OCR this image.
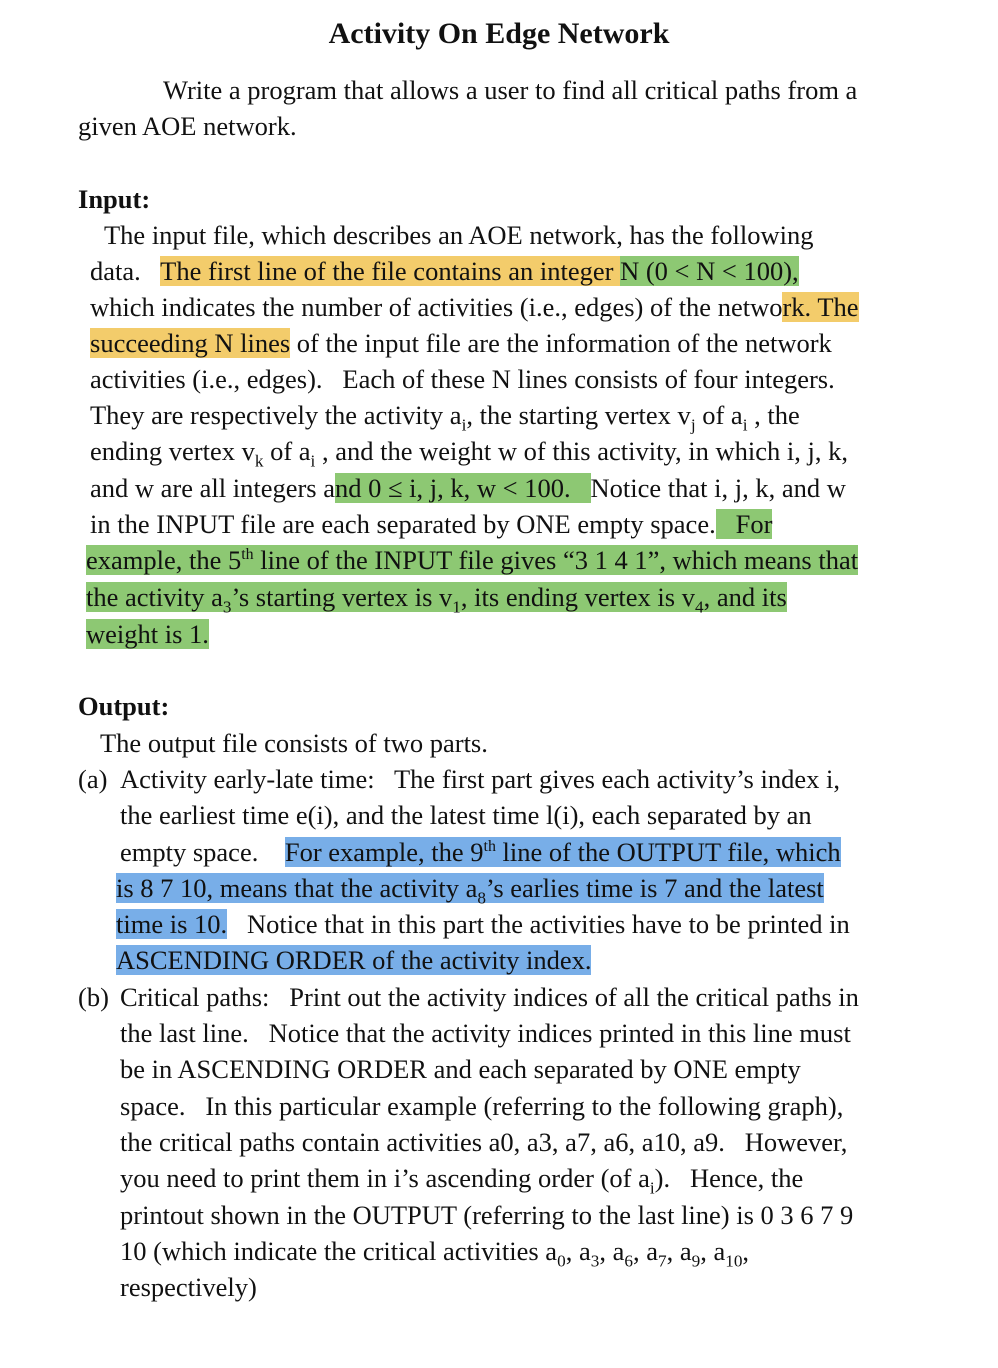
Activity On Edge Network
Write a program that allows a user to find all critical paths from a
given AOE network.
Input:
The input file, which describes an AOE network, has the following
data.   The first line of the file contains an integer N (0 < N < 100),
which indicates the number of activities (i.e., edges) of the network. The
succeeding N lines of the input file are the information of the network
activities (i.e., edges).   Each of these N lines consists of four integers.
They are respectively the activity $a_i$, the starting vertex $v_j$ of $a_i$ , the
ending vertex $v_k$ of $a_i$ , and the weight w of this activity, in which i, j, k,
and w are all integers and 0 ≤ i, j, k, w < 100.   Notice that i, j, k, and w
in the INPUT file are each separated by ONE empty space.   For
example, the 5th line of the INPUT file gives “3 1 4 1”, which means that
the activity $a_3’s$ starting vertex is $v_1$, its ending vertex is $v_4$, and its
weight is 1.
Output:
The output file consists of two parts.
(a) Activity early-late time:   The first part gives each activity’s index i,
the earliest time e(i), and the latest time l(i), each separated by an
empty space.    For example, the 9th line of the OUTPUT file, which
is 8 7 10, means that the activity $a_8’s$ earlies time is 7 and the latest
time is 10.   Notice that in this part the activities have to be printed in
ASCENDING ORDER of the activity index.
(b) Critical paths:   Print out the activity indices of all the critical paths in
the last line.   Notice that the activity indices printed in this line must
be in ASCENDING ORDER and each separated by ONE empty
space.   In this particular example (referring to the following graph),
the critical paths contain activities a0, a3, a7, a6, a10, a9.   However,
you need to print them in i’s ascending order (of $a_i$).   Hence, the
printout shown in the OUTPUT (referring to the last line) is 0 3 6 7 9
10 (which indicate the critical activities $a_0$, $a_3$, $a_6$, $a_7$, $a_9$, $a_{10}$,
respectively)
